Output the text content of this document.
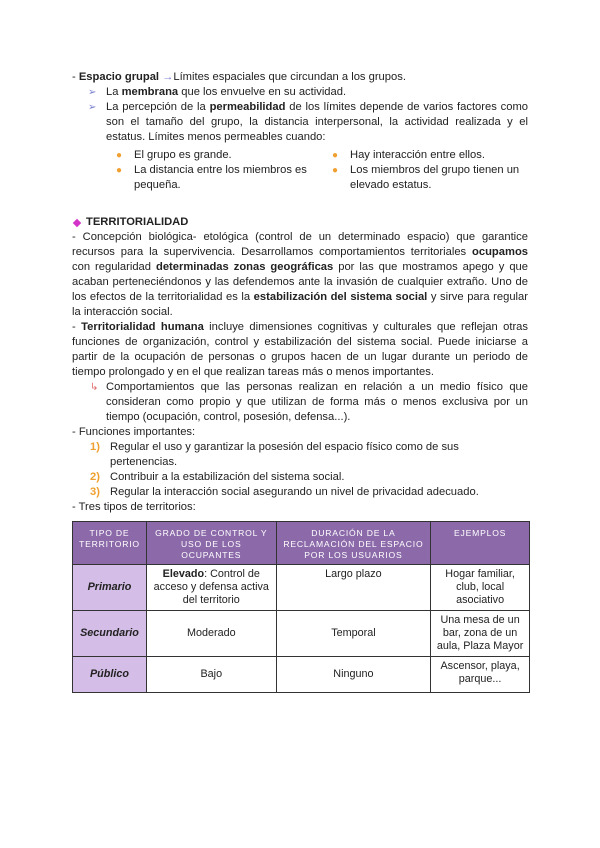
- Espacio grupal →Límites espaciales que circundan a los grupos.

➢ La membrana que los envuelve en su actividad.
➢ La percepción de la permeabilidad de los límites depende de varios factores como son el tamaño del grupo, la distancia interpersonal, la actividad realizada y el estatus. Límites menos permeables cuando:
●	El grupo es grande.
●	La distancia entre los miembros es pequeña.
●	Hay interacción entre ellos.
●	Los miembros del grupo tienen un elevado estatus.
TERRITORIALIDAD

- Concepción biológica- etológica (control de un determinado espacio) que garantice recursos para la supervivencia. Desarrollamos comportamientos territoriales ocupamos con regularidad determinadas zonas geográficas por las que mostramos apego y que acaban perteneciéndonos y las defendemos ante la invasión de cualquier extraño. Uno de los efectos de la territorialidad es la estabilización del sistema social y sirve para regular la interacción social.

- Territorialidad humana incluye dimensiones cognitivas y culturales que reflejan otras funciones de organización, control y estabilización del sistema social. Puede iniciarse a partir de la ocupación de personas o grupos hacen de un lugar durante un periodo de tiempo prolongado y en el que realizan tareas más o menos importantes.

↳ Comportamientos que las personas realizan en relación a un medio físico que consideran como propio y que utilizan de forma más o menos exclusiva por un tiempo (ocupación, control, posesión, defensa...).

- Funciones importantes:

1) Regular el uso y garantizar la posesión del espacio físico como de sus pertenencias.
2) Contribuir a la estabilización del sistema social.
3) Regular la interacción social asegurando un nivel de privacidad adecuado.

- Tres tipos de territorios:

TIPO DE TERRITORIO	GRADO DE CONTROL Y USO DE LOS OCUPANTES	DURACIÓN DE LA RECLAMACIÓN DEL ESPACIO POR LOS USUARIOS	EJEMPLOS
Primario	Elevado: Control de acceso y defensa activa del territorio	Largo plazo	Hogar familiar, club, local asociativo
Secundario	Moderado	Temporal	Una mesa de un bar, zona de un aula, Plaza Mayor
Público	Bajo	Ninguno	Ascensor, playa, parque...
